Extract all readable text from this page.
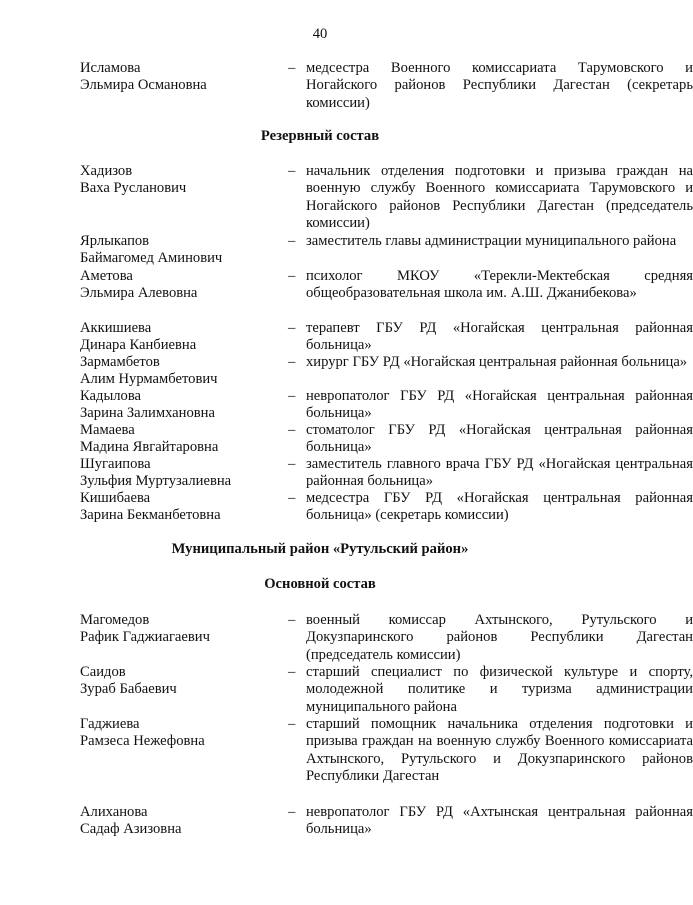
40
Исламова
Эльмира Османовна
– медсестра Военного комиссариата Тарумовского и Ногайского районов Республики Дагестан (секретарь комиссии)
Резервный состав
Хадизов
Ваха Русланович
– начальник отделения подготовки и призыва граждан на военную службу Военного комиссариата Тарумовского и Ногайского районов Республики Дагестан (председатель комиссии)
Ярлыкапов
Баймагомед Аминович
– заместитель главы администрации муниципального района
Аметова
Эльмира Алевовна
– психолог МКОУ «Терекли-Мектебская средняя общеобразовательная школа им. А.Ш. Джанибекова»
Аккишиева
Динара Канбиевна
– терапевт ГБУ РД «Ногайская центральная районная больница»
Зармамбетов
Алим Нурмамбетович
– хирург ГБУ РД «Ногайская центральная районная больница»
Кадылова
Зарина Залимхановна
– невропатолог ГБУ РД «Ногайская центральная районная больница»
Мамаева
Мадина Явгайтаровна
– стоматолог ГБУ РД «Ногайская центральная районная больница»
Шугаипова
Зульфия Муртузалиевна
– заместитель главного врача ГБУ РД «Ногайская центральная районная больница»
Кишибаева
Зарина Бекманбетовна
– медсестра ГБУ РД «Ногайская центральная районная больница» (секретарь комиссии)
Муниципальный район «Рутульский район»
Основной состав
Магомедов
Рафик Гаджиагаевич
– военный комиссар Ахтынского, Рутульского и Докузпаринского районов Республики Дагестан (председатель комиссии)
Саидов
Зураб Бабаевич
– старший специалист по физической культуре и спорту, молодежной политике и туризма администрации муниципального района
Гаджиева
Рамзеса Нежефовна
– старший помощник начальника отделения подготовки и призыва граждан на военную службу Военного комиссариата Ахтынского, Рутульского и Докузпаринского районов Республики Дагестан
Алиханова
Садаф Азизовна
– невропатолог ГБУ РД «Ахтынская центральная районная больница»
